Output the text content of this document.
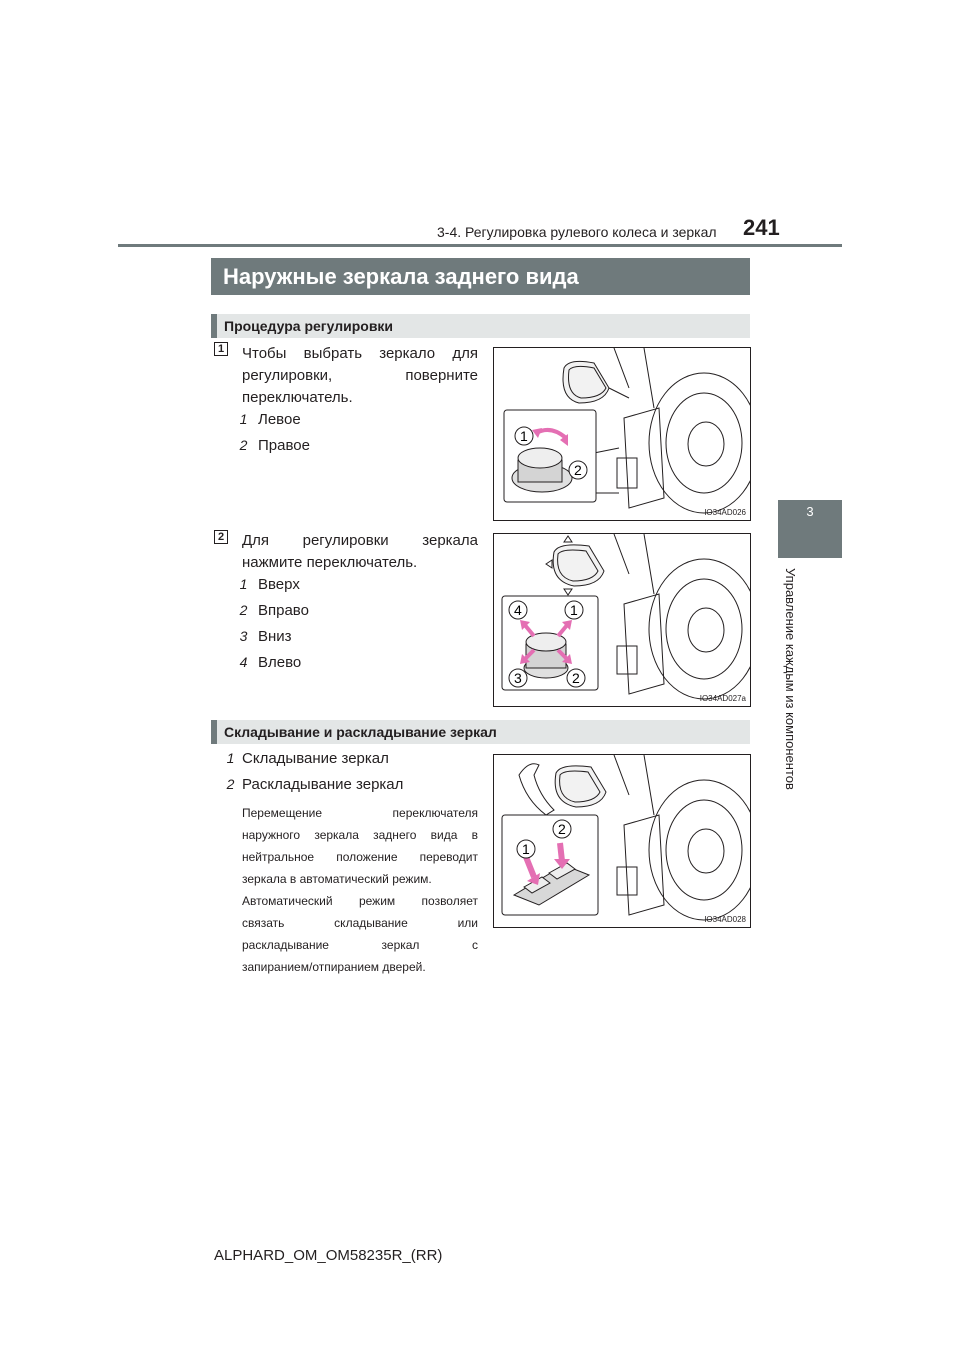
3-4. Регулировка рулевого колеса и зеркал 241
3
Управление каждым из компонентов
Наружные зеркала заднего вида
Процедура регулировки
1 Чтобы выбрать зеркало для
регулировки, поверните
переключатель.
1 Левое
2 Правое
1
2
IO34AD026
2 Для регулировки зеркала
нажмите переключатель.
1 Вверх
2 Вправо
3 Вниз
4 Влево
4	1
3	2
IO34AD027a
Складывание и раскладывание зеркал
1 Складывание зеркал
2 Раскладывание зеркал
Перемещение переключателя
наружного зеркала заднего вида в
нейтральное положение переводит
зеркала в автоматический режим.
Автоматический режим позволяет
связать складывание или
раскладывание зеркал с
запиранием/отпиранием дверей.
2
1
IO34AD028
ALPHARD_OM_OM58235R_(RR)
